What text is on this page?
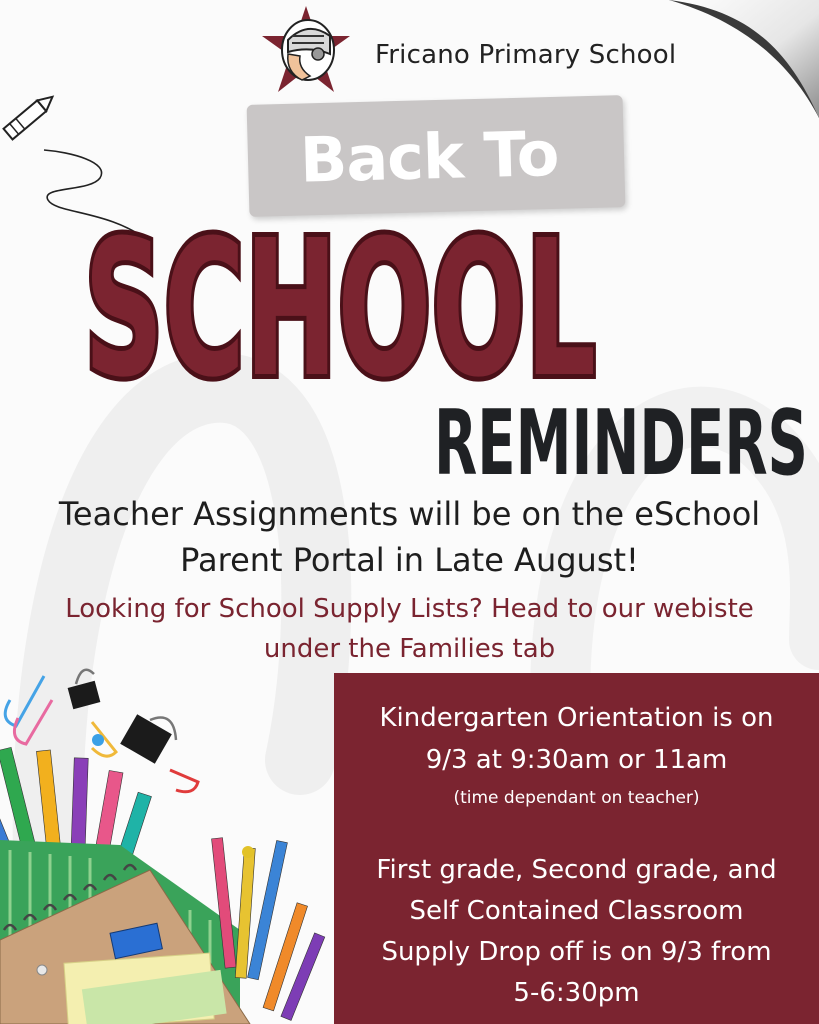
Fricano Primary School
Back To
SCHOOL
REMINDERS
Teacher Assignments will be on the eSchool
Parent Portal in Late August!
Looking for School Supply Lists? Head to our webiste
under the Families tab
Kindergarten Orientation is on
9/3 at 9:30am or 11am
(time dependant on teacher)
First grade, Second grade, and
Self Contained Classroom
Supply Drop off is on 9/3 from
5-6:30pm
